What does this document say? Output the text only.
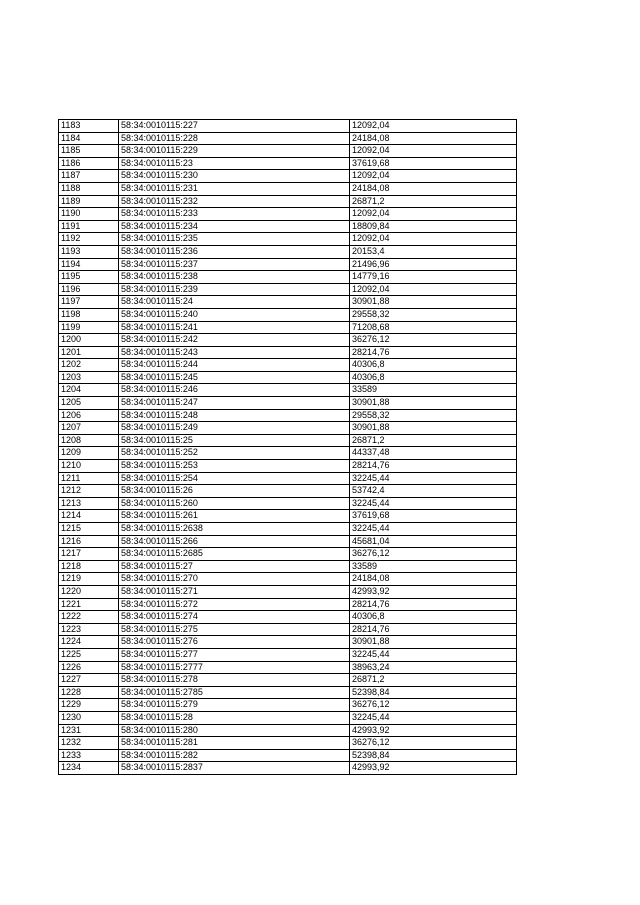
1183	58:34:0010115:227	12092,04
1184	58:34:0010115:228	24184,08
1185	58:34:0010115:229	12092,04
1186	58:34:0010115:23	37619,68
1187	58:34:0010115:230	12092,04
1188	58:34:0010115:231	24184,08
1189	58:34:0010115:232	26871,2
1190	58:34:0010115:233	12092,04
1191	58:34:0010115:234	18809,84
1192	58:34:0010115:235	12092,04
1193	58:34:0010115:236	20153,4
1194	58:34:0010115:237	21496,96
1195	58:34:0010115:238	14779,16
1196	58:34:0010115:239	12092,04
1197	58:34:0010115:24	30901,88
1198	58:34:0010115:240	29558,32
1199	58:34:0010115:241	71208,68
1200	58:34:0010115:242	36276,12
1201	58:34:0010115:243	28214,76
1202	58:34:0010115:244	40306,8
1203	58:34:0010115:245	40306,8
1204	58:34:0010115:246	33589
1205	58:34:0010115:247	30901,88
1206	58:34:0010115:248	29558,32
1207	58:34:0010115:249	30901,88
1208	58:34:0010115:25	26871,2
1209	58:34:0010115:252	44337,48
1210	58:34:0010115:253	28214,76
1211	58:34:0010115:254	32245,44
1212	58:34:0010115:26	53742,4
1213	58:34:0010115:260	32245,44
1214	58:34:0010115:261	37619,68
1215	58:34:0010115:2638	32245,44
1216	58:34:0010115:266	45681,04
1217	58:34:0010115:2685	36276,12
1218	58:34:0010115:27	33589
1219	58:34:0010115:270	24184,08
1220	58:34:0010115:271	42993,92
1221	58:34:0010115:272	28214,76
1222	58:34:0010115:274	40306,8
1223	58:34:0010115:275	28214,76
1224	58:34:0010115:276	30901,88
1225	58:34:0010115:277	32245,44
1226	58:34:0010115:2777	38963,24
1227	58:34:0010115:278	26871,2
1228	58:34:0010115:2785	52398,84
1229	58:34:0010115:279	36276,12
1230	58:34:0010115:28	32245,44
1231	58:34:0010115:280	42993,92
1232	58:34:0010115:281	36276,12
1233	58:34:0010115:282	52398,84
1234	58:34:0010115:2837	42993,92
